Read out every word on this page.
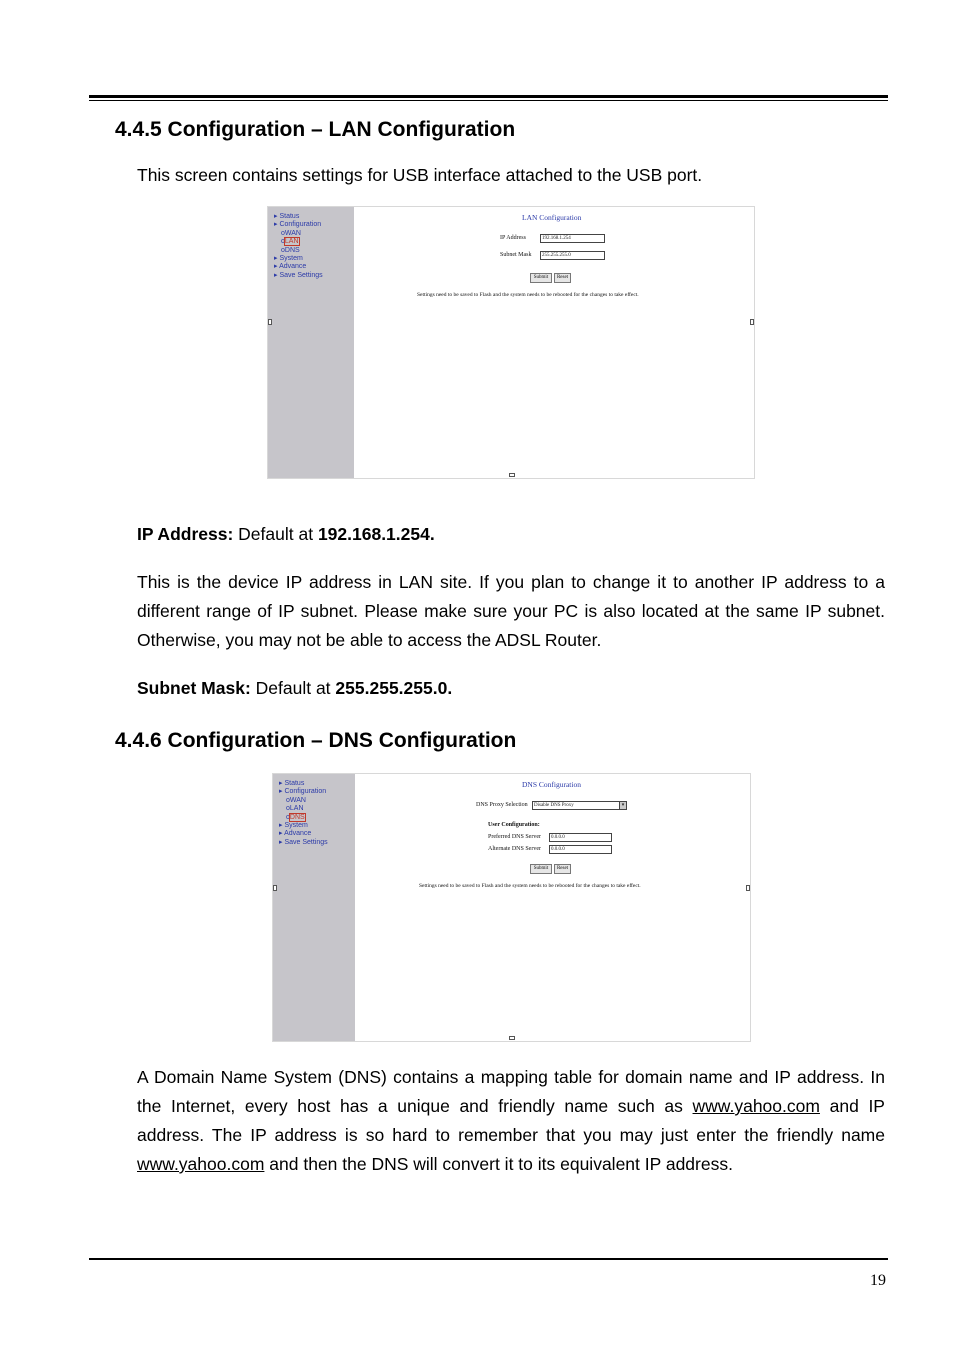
4.4.5 Configuration – LAN Configuration

This screen contains settings for USB interface attached to the USB port.

▸ Status
▸ Configuration
oWAN
oLAN
oDNS
▸ System
▸ Advance
▸ Save Settings
LAN Configuration
IP Address	192.168.1.254
Subnet Mask	255.255.255.0
Submit	Reset
Settings need to be saved to Flash and the system needs to be rebooted for the changes to take effect.

IP Address: Default at 192.168.1.254.

This is the device IP address in LAN site. If you plan to change it to another IP address to a different range of IP subnet. Please make sure your PC is also located at the same IP subnet. Otherwise, you may not be able to access the ADSL Router.

Subnet Mask: Default at 255.255.255.0.

4.4.6 Configuration – DNS Configuration
▸ Status
▸ Configuration
oWAN
oLAN
oDNS
▸ System
▸ Advance
▸ Save Settings
DNS Configuration
DNS Proxy Selection	Disable DNS Proxy	▾
User Configuration:
Preferred DNS Server	0.0.0.0
Alternate DNS Server	0.0.0.0
Submit	Reset
Settings need to be saved to Flash and the system needs to be rebooted for the changes to take effect.

A Domain Name System (DNS) contains a mapping table for domain name and IP address. In the Internet, every host has a unique and friendly name such as www.yahoo.com and IP address. The IP address is so hard to remember that you may just enter the friendly name www.yahoo.com and then the DNS will convert it to its equivalent IP address.

19
